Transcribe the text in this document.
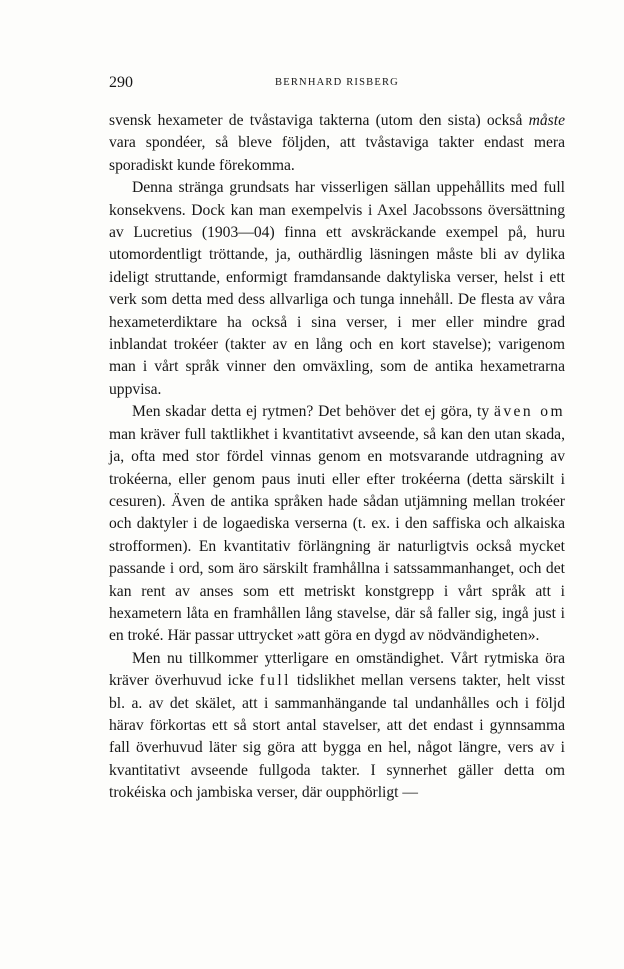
290	BERNHARD RISBERG

svensk hexameter de tvåstaviga takterna (utom den sista) också måste vara spondéer, så bleve följden, att tvåstaviga takter endast mera sporadiskt kunde förekomma.

Denna stränga grundsats har visserligen sällan uppehållits med full konsekvens. Dock kan man exempelvis i Axel Jacobssons översättning av Lucretius (1903—04) finna ett avskräckande exempel på, huru utomordentligt tröttande, ja, outhärdlig läsningen måste bli av dylika ideligt struttande, enformigt framdansande daktyliska verser, helst i ett verk som detta med dess allvarliga och tunga innehåll. De flesta av våra hexameterdiktare ha också i sina verser, i mer eller mindre grad inblandat trokéer (takter av en lång och en kort stavelse); varigenom man i vårt språk vinner den omväxling, som de antika hexametrarna uppvisa.

Men skadar detta ej rytmen? Det behöver det ej göra, ty även om man kräver full taktlikhet i kvantitativt avseende, så kan den utan skada, ja, ofta med stor fördel vinnas genom en motsvarande utdragning av trokéerna, eller genom paus inuti eller efter trokéerna (detta särskilt i cesuren). Även de antika språken hade sådan utjämning mellan trokéer och daktyler i de logaediska verserna (t. ex. i den saffiska och alkaiska strofformen). En kvantitativ förlängning är naturligtvis också mycket passande i ord, som äro särskilt framhållna i satssammanhanget, och det kan rent av anses som ett metriskt konstgrepp i vårt språk att i hexametern låta en framhållen lång stavelse, där så faller sig, ingå just i en troké. Här passar uttrycket »att göra en dygd av nödvändigheten».

Men nu tillkommer ytterligare en omständighet. Vårt rytmiska öra kräver överhuvud icke full tidslikhet mellan versens takter, helt visst bl. a. av det skälet, att i sammanhängande tal undanhålles och i följd härav förkortas ett så stort antal stavelser, att det endast i gynnsamma fall överhuvud läter sig göra att bygga en hel, något längre, vers av i kvantitativt avseende fullgoda takter. I synnerhet gäller detta om trokéiska och jambiska verser, där oupphörligt —
